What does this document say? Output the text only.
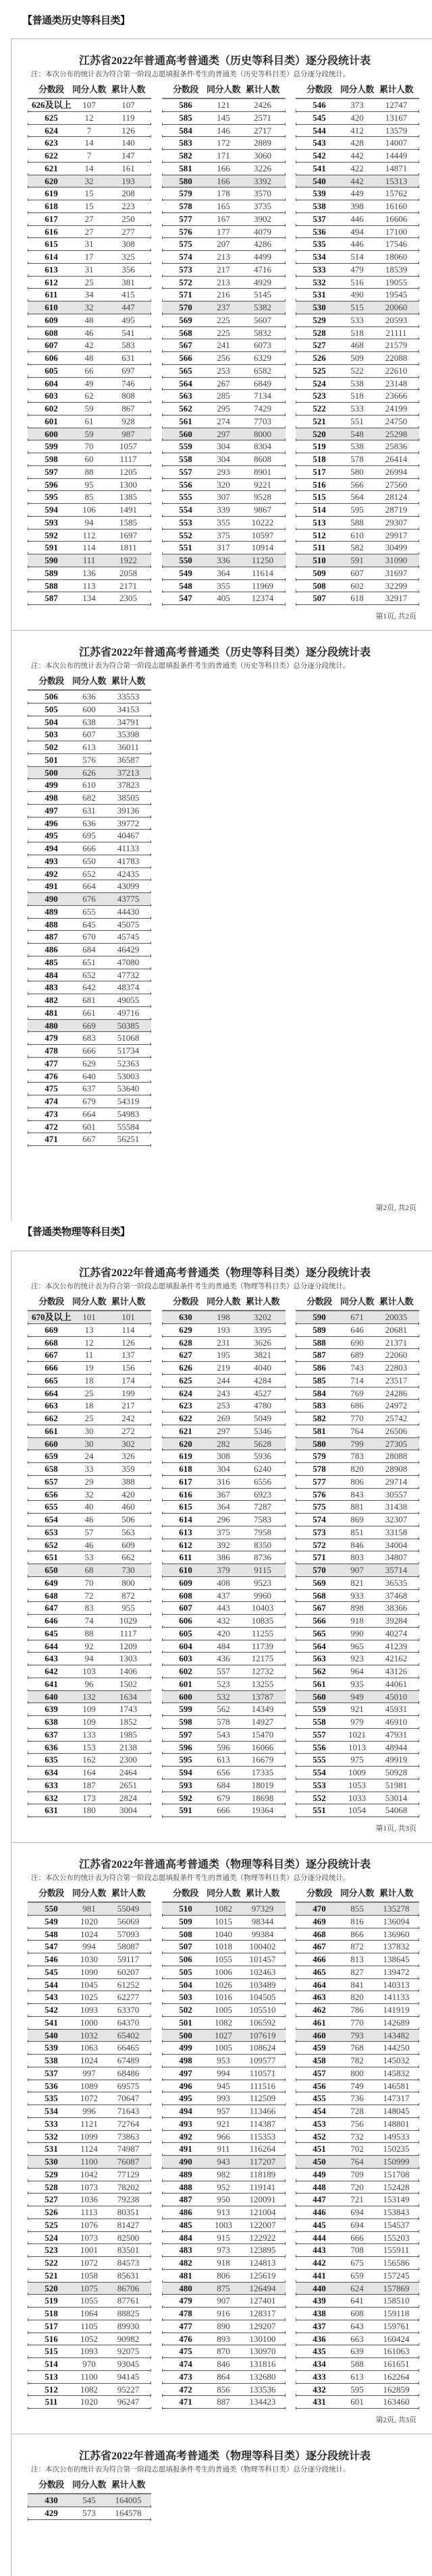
【普通类历史等科目类】
江苏省2022年普通高考普通类（历史等科目类）逐分段统计表
注：本次公布的统计表为符合第一阶段志愿填报条件考生的普通类（历史等科目类）总分逐分段统计。
第1页, 共2页
分数段 同分人数 累计人数
626及以上	107	107
625	12	119
624	7	126
623	14	140
622	7	147
621	14	161
620	32	193
619	15	208
618	15	223
617	27	250
616	27	277
615	31	308
614	17	325
613	31	356
612	25	381
611	34	415
610	32	447
609	48	495
608	46	541
607	42	583
606	48	631
605	66	697
604	49	746
603	62	808
602	59	867
601	61	928
600	59	987
599	70	1057
598	60	1117
597	88	1205
596	95	1300
595	85	1385
594	106	1491
593	94	1585
592	112	1697
591	114	1811
590	111	1922
589	136	2058
588	113	2171
587	134	2305
分数段 同分人数 累计人数
586	121	2426
585	145	2571
584	146	2717
583	172	2889
582	171	3060
581	166	3226
580	166	3392
579	178	3570
578	165	3735
577	167	3902
576	177	4079
575	207	4286
574	213	4499
573	217	4716
572	213	4929
571	216	5145
570	237	5382
569	225	5607
568	225	5832
567	241	6073
566	256	6329
565	253	6582
564	267	6849
563	285	7134
562	295	7429
561	274	7703
560	297	8000
559	304	8304
558	304	8608
557	293	8901
556	320	9221
555	307	9528
554	339	9867
553	355	10222
552	375	10597
551	317	10914
550	336	11250
549	364	11614
548	355	11969
547	405	12374
分数段 同分人数 累计人数
546	373	12747
545	420	13167
544	412	13579
543	428	14007
542	442	14449
541	422	14871
540	442	15313
539	449	15762
538	398	16160
537	446	16606
536	494	17100
535	446	17546
534	514	18060
533	479	18539
532	516	19055
531	490	19545
530	515	20060
529	533	20593
528	518	21111
527	468	21579
526	509	22088
525	522	22610
524	538	23148
523	518	23666
522	533	24199
521	551	24750
520	548	25298
519	538	25836
518	578	26414
517	580	26994
516	566	27560
515	564	28124
514	595	28719
513	588	29307
512	610	29917
511	582	30499
510	591	31090
509	607	31697
508	602	32299
507	618	32917
江苏省2022年普通高考普通类（历史等科目类）逐分段统计表
注：本次公布的统计表为符合第一阶段志愿填报条件考生的普通类（历史等科目类）总分逐分段统计。
第2页, 共2页
分数段 同分人数 累计人数
506	636	33553
505	600	34153
504	638	34791
503	607	35398
502	613	36011
501	576	36587
500	626	37213
499	610	37823
498	682	38505
497	631	39136
496	636	39772
495	695	40467
494	666	41133
493	650	41783
492	652	42435
491	664	43099
490	676	43775
489	655	44430
488	645	45075
487	670	45745
486	684	46429
485	651	47080
484	652	47732
483	642	48374
482	681	49055
481	661	49716
480	669	50385
479	683	51068
478	666	51734
477	629	52363
476	640	53003
475	637	53640
474	679	54319
473	664	54983
472	601	55584
471	667	56251
【普通类物理等科目类】
江苏省2022年普通高考普通类（物理等科目类）逐分段统计表
注：本次公布的统计表为符合第一阶段志愿填报条件考生的普通类（物理等科目类）总分逐分段统计。
第1页, 共3页
分数段 同分人数 累计人数
670及以上	101	101
669	13	114
668	12	126
667	11	137
666	19	156
665	18	174
664	25	199
663	18	217
662	25	242
661	30	272
660	30	302
659	24	326
658	33	359
657	29	388
656	32	420
655	40	460
654	46	506
653	57	563
652	46	609
651	53	662
650	68	730
649	70	800
648	72	872
647	83	955
646	74	1029
645	88	1117
644	92	1209
643	94	1303
642	103	1406
641	96	1502
640	132	1634
639	109	1743
638	109	1852
637	133	1985
636	153	2138
635	162	2300
634	164	2464
633	187	2651
632	173	2824
631	180	3004
分数段 同分人数 累计人数
630	198	3202
629	193	3395
628	231	3626
627	195	3821
626	219	4040
625	244	4284
624	243	4527
623	253	4780
622	269	5049
621	297	5346
620	282	5628
619	308	5936
618	304	6240
617	316	6556
616	367	6923
615	364	7287
614	296	7583
613	375	7958
612	392	8350
611	386	8736
610	379	9115
609	408	9523
608	437	9960
607	443	10403
606	432	10835
605	420	11255
604	484	11739
603	436	12175
602	557	12732
601	523	13255
600	532	13787
599	562	14349
598	578	14927
597	543	15470
596	596	16066
595	613	16679
594	656	17335
593	684	18019
592	679	18698
591	666	19364
分数段 同分人数 累计人数
590	671	20035
589	646	20681
588	690	21371
587	689	22060
586	743	22803
585	714	23517
584	769	24286
583	686	24972
582	770	25742
581	764	26506
580	799	27305
579	783	28088
578	820	28908
577	806	29714
576	843	30557
575	881	31438
574	869	32307
573	851	33158
572	846	34004
571	803	34807
570	907	35714
569	821	36535
568	933	37468
567	898	38366
566	918	39284
565	990	40274
564	965	41239
563	923	42162
562	964	43126
561	935	44061
560	949	45010
559	921	45931
558	979	46910
557	1021	47931
556	1013	48944
555	975	49919
554	1009	50928
553	1053	51981
552	1033	53014
551	1054	54068
江苏省2022年普通高考普通类（物理等科目类）逐分段统计表
注：本次公布的统计表为符合第一阶段志愿填报条件考生的普通类（物理等科目类）总分逐分段统计。
第2页, 共3页
分数段 同分人数 累计人数
550	981	55049
549	1020	56069
548	1024	57093
547	994	58087
546	1030	59117
545	1090	60207
544	1045	61252
543	1025	62277
542	1093	63370
541	1000	64370
540	1032	65402
539	1063	66465
538	1024	67489
537	997	68486
536	1089	69575
535	1072	70647
534	996	71643
533	1121	72764
532	1099	73863
531	1124	74987
530	1100	76087
529	1042	77129
528	1073	78202
527	1036	79238
526	1113	80351
525	1076	81427
524	1073	82500
523	1001	83501
522	1072	84573
521	1058	85631
520	1075	86706
519	1055	87761
518	1064	88825
517	1105	89930
516	1052	90982
515	1093	92075
514	970	93045
513	1100	94145
512	1082	95227
511	1020	96247
分数段 同分人数 累计人数
510	1082	97329
509	1015	98344
508	1040	99384
507	1018	100402
506	1055	101457
505	1006	102463
504	1026	103489
503	1016	104505
502	1005	105510
501	1082	106592
500	1027	107619
499	1005	108624
498	953	109577
497	994	110571
496	945	111516
495	993	112509
494	957	113466
493	921	114387
492	966	115353
491	911	116264
490	943	117207
489	982	118189
488	952	119141
487	950	120091
486	913	121004
485	1003	122007
484	915	122922
483	973	123895
482	918	124813
481	806	125619
480	875	126494
479	907	127401
478	916	128317
477	890	129207
476	893	130100
475	870	130970
474	846	131816
473	864	132680
472	856	133536
471	887	134423
分数段 同分人数 累计人数
470	855	135278
469	816	136094
468	866	136960
467	872	137832
466	813	138645
465	827	139472
464	841	140313
463	820	141133
462	786	141919
461	770	142689
460	793	143482
459	768	144250
458	782	145032
457	800	145832
456	749	146581
455	736	147317
454	728	148045
453	756	148801
452	732	149533
451	702	150235
450	764	150999
449	709	151708
448	720	152428
447	721	153149
446	694	153843
445	694	154537
444	666	155203
443	708	155911
442	675	156586
441	659	157245
440	624	157869
439	641	158510
438	608	159118
437	643	159761
436	663	160424
435	639	161063
434	588	161651
433	613	162264
432	595	162859
431	601	163460
江苏省2022年普通高考普通类（物理等科目类）逐分段统计表
注：本次公布的统计表为符合第一阶段志愿填报条件考生的普通类（物理等科目类）总分逐分段统计。
分数段 同分人数 累计人数
430	545	164005
429	573	164578
